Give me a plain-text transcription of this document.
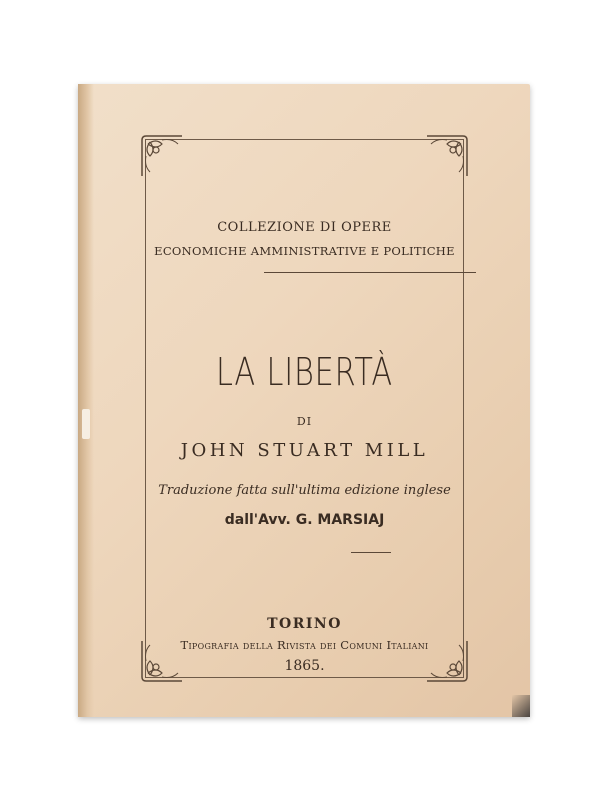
COLLEZIONE DI OPERE
ECONOMICHE AMMINISTRATIVE E POLITICHE
LA LIBERTÀ
DI
JOHN STUART MILL
Traduzione fatta sull'ultima edizione inglese
dall'Avv. G. MARSIAJ
TORINO
Tipografia della Rivista dei Comuni Italiani
1865.
